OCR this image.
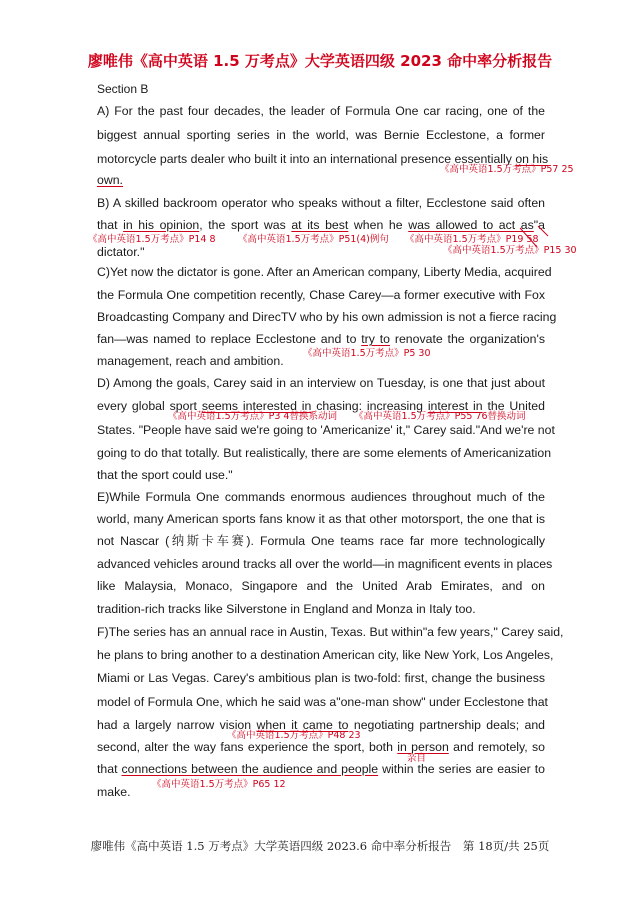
廖唯伟《高中英语 1.5 万考点》大学英语四级 2023 命中率分析报告
Section B
A) For the past four decades, the leader of Formula One car racing, one of the
biggest annual sporting series in the world, was Bernie Ecclestone, a former
motorcycle parts dealer who built it into an international presence essentially on his
own.
《高中英语1.5万考点》P57 25
B) A skilled backroom operator who speaks without a filter, Ecclestone said often
that in his opinion, the sport was at its best when he was allowed to act as"a
《高中英语1.5万考点》P14 8 《高中英语1.5万考点》P51(4)例句 《高中英语1.5万考点》P19 58
dictator."	《高中英语1.5万考点》P15 30
C)Yet now the dictator is gone. After an American company, Liberty Media, acquired
the Formula One competition recently, Chase Carey—a former executive with Fox
Broadcasting Company and DirecTV who by his own admission is not a fierce racing
fan—was named to replace Ecclestone and to try to renovate the organization's
management, reach and ambition.
《高中英语1.5万考点》P5 30
D) Among the goals, Carey said in an interview on Tuesday, is one that just about
every global sport seems interested in chasing: increasing interest in the United
《高中英语1.5万考点》P3 4替换系动词 《高中英语1.5万考点》P55 76替换动词
States. "People have said we're going to 'Americanize' it," Carey said."And we're not
going to do that totally. But realistically, there are some elements of Americanization
that the sport could use."
E)While Formula One commands enormous audiences throughout much of the
world, many American sports fans know it as that other motorsport, the one that is
not Nascar (纳斯卡车赛). Formula One teams race far more technologically
advanced vehicles around tracks all over the world—in magnificent events in places
like Malaysia, Monaco, Singapore and the United Arab Emirates, and on
tradition-rich tracks like Silverstone in England and Monza in Italy too.
F)The series has an annual race in Austin, Texas. But within"a few years," Carey said,
he plans to bring another to a destination American city, like New York, Los Angeles,
Miami or Las Vegas. Carey's ambitious plan is two-fold: first, change the business
model of Formula One, which he said was a"one-man show" under Ecclestone that
had a largely narrow vision when it came to negotiating partnership deals; and
《高中英语1.5万考点》P48 23
second, alter the way fans experience the sport, both in person and remotely, so
亲自
that connections between the audience and people within the series are easier to
《高中英语1.5万考点》P65 12
make.
廖唯伟《高中英语 1.5 万考点》大学英语四级 2023.6 命中率分析报告 第 18页/共 25页
